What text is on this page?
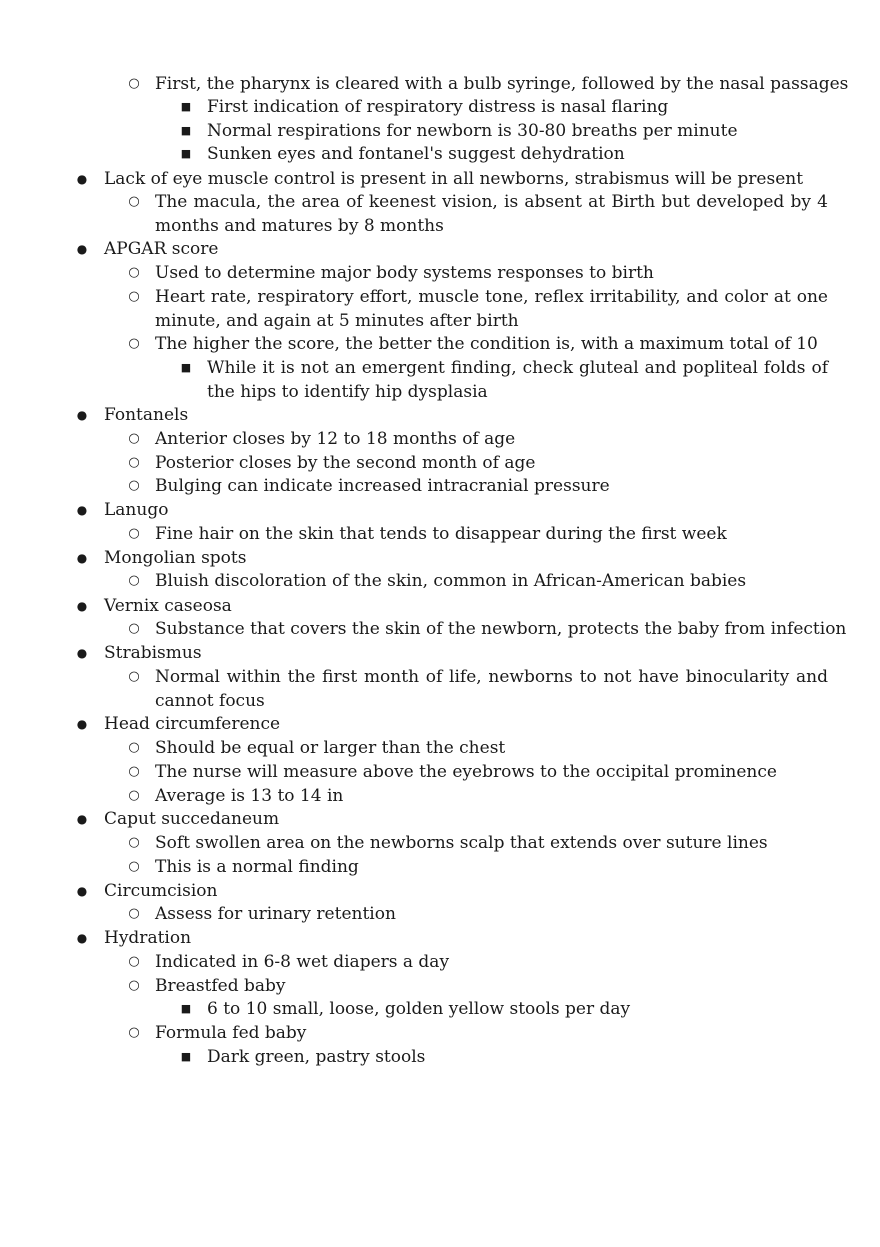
○ First, the pharynx is cleared with a bulb syringe, followed by the nasal passages
■ First indication of respiratory distress is nasal flaring
■ Normal respirations for newborn is 30-80 breaths per minute
■ Sunken eyes and fontanel's suggest dehydration
● Lack of eye muscle control is present in all newborns, strabismus will be present
○ The macula, the area of keenest vision, is absent at Birth but developed by 4 months and matures by 8 months
● APGAR score
○ Used to determine major body systems responses to birth
○ Heart rate, respiratory effort, muscle tone, reflex irritability, and color at one minute, and again at 5 minutes after birth
○ The higher the score, the better the condition is, with a maximum total of 10
■ While it is not an emergent finding, check gluteal and popliteal folds of the hips to identify hip dysplasia
● Fontanels
○ Anterior closes by 12 to 18 months of age
○ Posterior closes by the second month of age
○ Bulging can indicate increased intracranial pressure
● Lanugo
○ Fine hair on the skin that tends to disappear during the first week
● Mongolian spots
○ Bluish discoloration of the skin, common in African-American babies
● Vernix caseosa
○ Substance that covers the skin of the newborn, protects the baby from infection
● Strabismus
○ Normal within the first month of life, newborns to not have binocularity and cannot focus
● Head circumference
○ Should be equal or larger than the chest
○ The nurse will measure above the eyebrows to the occipital prominence
○ Average is 13 to 14 in
● Caput succedaneum
○ Soft swollen area on the newborns scalp that extends over suture lines
○ This is a normal finding
● Circumcision
○ Assess for urinary retention
● Hydration
○ Indicated in 6-8 wet diapers a day
○ Breastfed baby
■ 6 to 10 small, loose, golden yellow stools per day
○ Formula fed baby
■ Dark green, pastry stools
